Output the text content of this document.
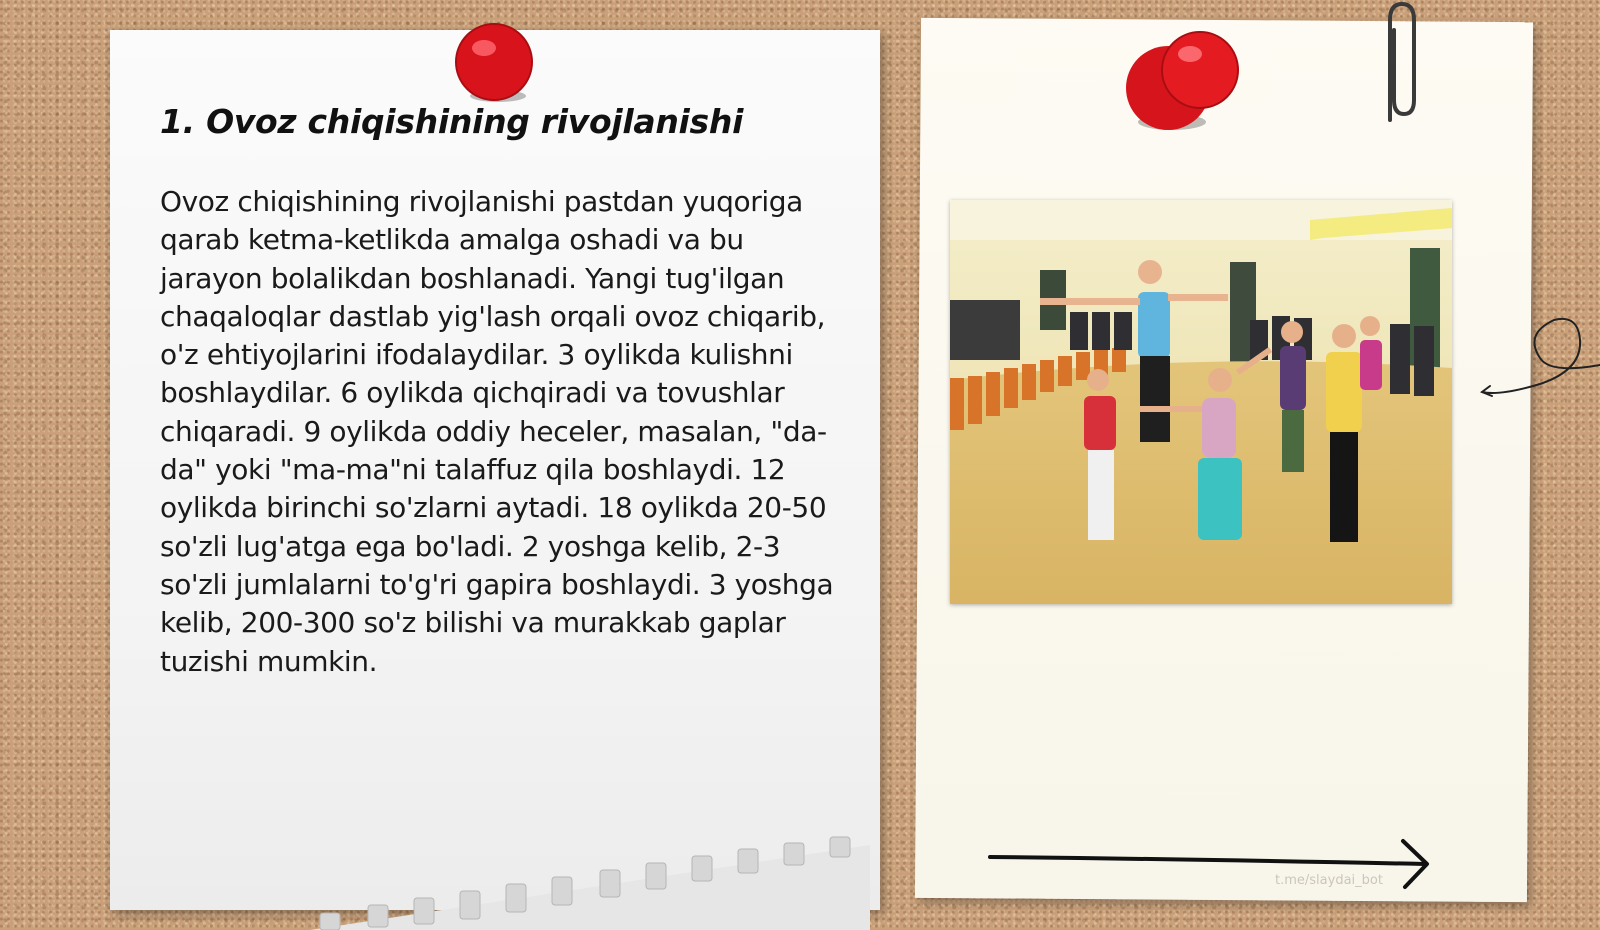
1. Ovoz chiqishining rivojlanishi

Ovoz chiqishining rivojlanishi pastdan yuqoriga qarab ketma-ketlikda amalga oshadi va bu jarayon bolalikdan boshlanadi. Yangi tug'ilgan chaqaloqlar dastlab yig'lash orqali ovoz chiqarib, o'z ehtiyojlarini ifodalaydilar. 3 oylikda kulishni boshlaydilar. 6 oylikda qichqiradi va tovushlar chiqaradi. 9 oylikda oddiy heceler, masalan, "da-da" yoki "ma-ma"ni talaffuz qila boshlaydi. 12 oylikda birinchi so'zlarni aytadi. 18 oylikda 20-50 so'zli lug'atga ega bo'ladi. 2 yoshga kelib, 2-3 so'zli jumlalarni to'g'ri gapira boshlaydi. 3 yoshga kelib, 200-300 so'z bilishi va murakkab gaplar tuzishi mumkin.

t.me/slaydai_bot
